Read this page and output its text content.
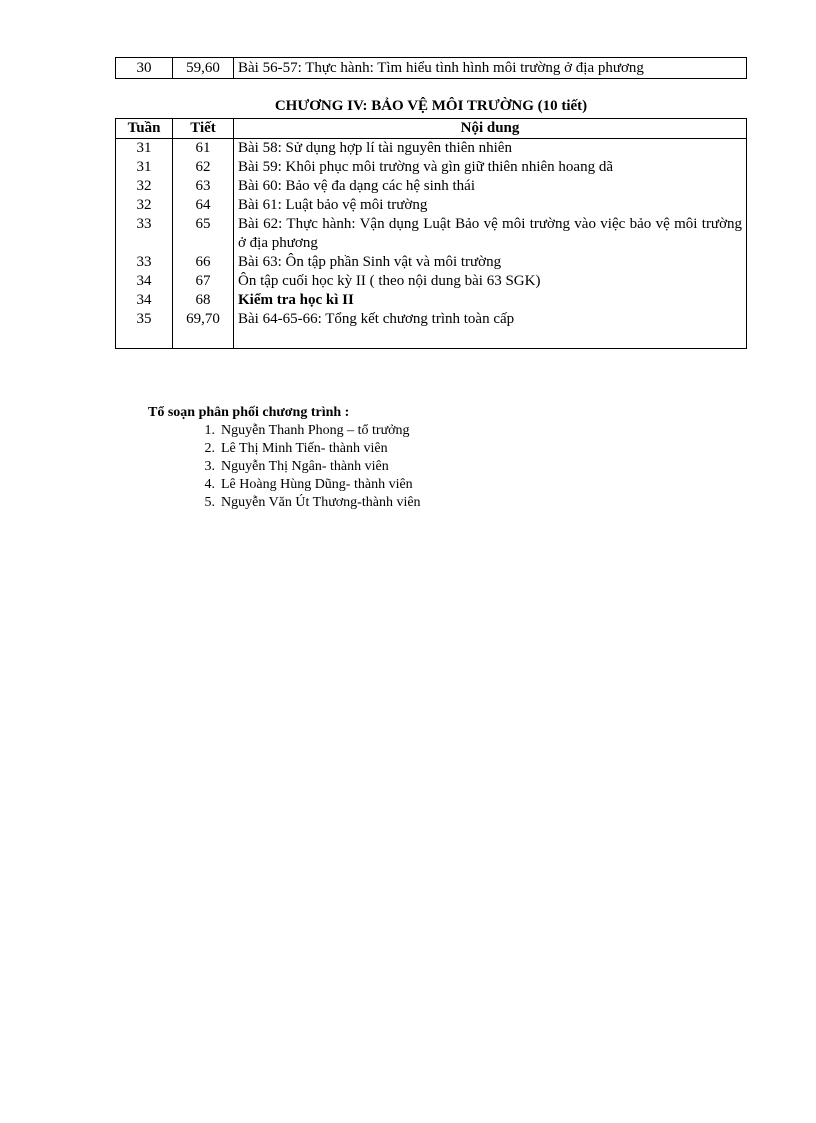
30	59,60	Bài 56-57: Thực hành: Tìm hiểu tình hình môi trường ở địa phương
CHƯƠNG IV: BẢO VỆ MÔI TRƯỜNG (10 tiết)
Tuần	Tiết	Nội dung
31	61	Bài 58: Sử dụng hợp lí tài nguyên thiên nhiên
31	62	Bài 59: Khôi phục môi trường và gìn giữ thiên nhiên hoang dã
32	63	Bài 60: Bảo vệ đa dạng các hệ sinh thái
32	64	Bài 61: Luật bảo vệ môi trường
33	65	Bài 62: Thực hành: Vận dụng Luật Bảo vệ môi trường vào việc bảo vệ môi trường ở địa phương
33	66	Bài 63: Ôn tập phần Sinh vật và môi trường
34	67	Ôn tập cuối học kỳ II ( theo nội dung bài 63 SGK)
34	68	Kiểm tra học kì II
35	69,70	Bài 64-65-66: Tổng kết chương trình toàn cấp

Tổ soạn phân phối chương trình :
1. Nguyễn Thanh Phong – tổ trưởng
2. Lê Thị Minh Tiến- thành viên
3. Nguyễn Thị Ngân- thành viên
4. Lê Hoàng Hùng Dũng- thành viên
5. Nguyễn Văn Út Thương-thành viên
